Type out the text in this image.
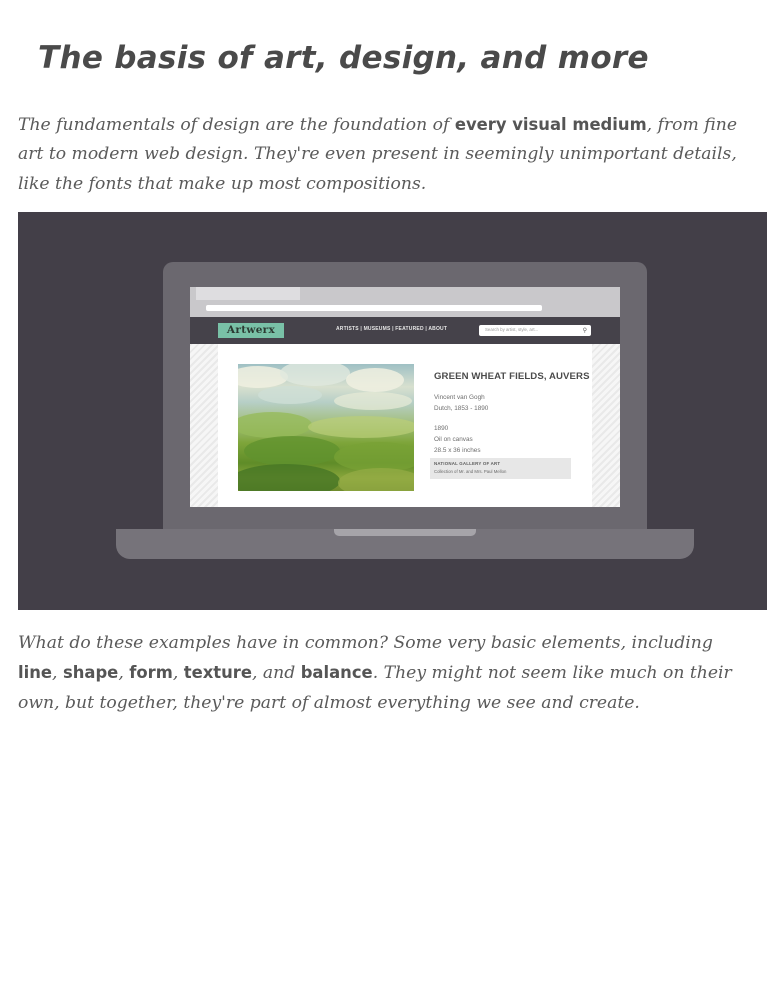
The basis of art, design, and more

The fundamentals of design are the foundation of every visual medium, from fine art to modern web design. They're even present in seemingly unimportant details, like the fonts that make up most compositions.

Artwerx	ARTISTS | MUSEUMS | FEATURED | ABOUT	Search by artist, style, art...	⚲
GREEN WHEAT FIELDS, AUVERS
Vincent van Gogh
Dutch, 1853 - 1890
1890
Oil on canvas
28.5 x 36 inches
NATIONAL GALLERY OF ART
Collection of Mr. and Mrs. Paul Mellon

What do these examples have in common? Some very basic elements, including line, shape, form, texture, and balance. They might not seem like much on their own, but together, they're part of almost everything we see and create.
